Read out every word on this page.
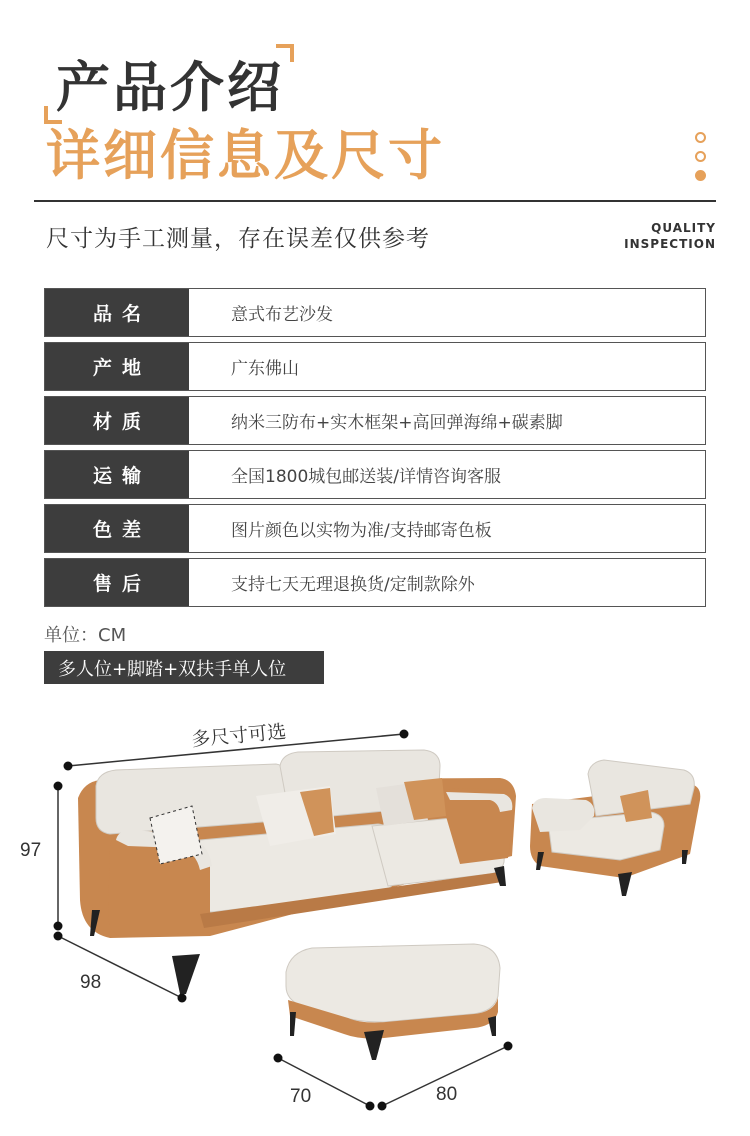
产品介绍
详细信息及尺寸
尺寸为手工测量，存在误差仅供参考	QUALITY
INSPECTION
品名	意式布艺沙发
产地	广东佛山
材质	纳米三防布+实木框架+高回弹海绵+碳素脚
运输	全国1800城包邮送装/详情咨询客服
色差	图片颜色以实物为准/支持邮寄色板
售后	支持七天无理退换货/定制款除外
单位：CM
多人位+脚踏+双扶手单人位
多尺寸可选
97
98
70	80
